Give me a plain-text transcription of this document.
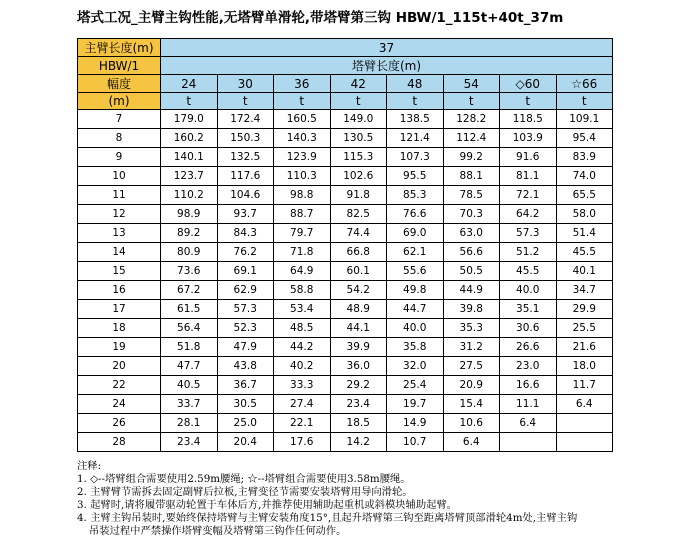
塔式工况_主臂主钩性能,无塔臂单滑轮,带塔臂第三钩 HBW/1_115t+40t_37m
主臂长度(m)	37							
HBW/1	塔臂长度(m)							
幅度	24	30	36	42	48	54	◇60	☆66
(m)	t	t	t	t	t	t	t	t
7	179.0	172.4	160.5	149.0	138.5	128.2	118.5	109.1
8	160.2	150.3	140.3	130.5	121.4	112.4	103.9	95.4
9	140.1	132.5	123.9	115.3	107.3	99.2	91.6	83.9
10	123.7	117.6	110.3	102.6	95.5	88.1	81.1	74.0
11	110.2	104.6	98.8	91.8	85.3	78.5	72.1	65.5
12	98.9	93.7	88.7	82.5	76.6	70.3	64.2	58.0
13	89.2	84.3	79.7	74.4	69.0	63.0	57.3	51.4
14	80.9	76.2	71.8	66.8	62.1	56.6	51.2	45.5
15	73.6	69.1	64.9	60.1	55.6	50.5	45.5	40.1
16	67.2	62.9	58.8	54.2	49.8	44.9	40.0	34.7
17	61.5	57.3	53.4	48.9	44.7	39.8	35.1	29.9
18	56.4	52.3	48.5	44.1	40.0	35.3	30.6	25.5
19	51.8	47.9	44.2	39.9	35.8	31.2	26.6	21.6
20	47.7	43.8	40.2	36.0	32.0	27.5	23.0	18.0
22	40.5	36.7	33.3	29.2	25.4	20.9	16.6	11.7
24	33.7	30.5	27.4	23.4	19.7	15.4	11.1	6.4
26	28.1	25.0	22.1	18.5	14.9	10.6	6.4	
28	23.4	20.4	17.6	14.2	10.7	6.4		
注释:
1. ◇--塔臂组合需要使用2.59m腰绳; ☆--塔臂组合需要使用3.58m腰绳。
2. 主臂臂节需拆去固定副臂后拉板,主臂变径节需要安装塔臂用导向滑轮。
3. 起臂时,请将履带驱动轮置于车体后方,并推荐使用辅助起重机或斜模块辅助起臂。
4. 主臂主钩吊装时,要始终保持塔臂与主臂安装角度15°,且起升塔臂第三钩至距离塔臂顶部滑轮4m处,主臂主钩
吊装过程中严禁操作塔臂变幅及塔臂第三钩作任何动作。
